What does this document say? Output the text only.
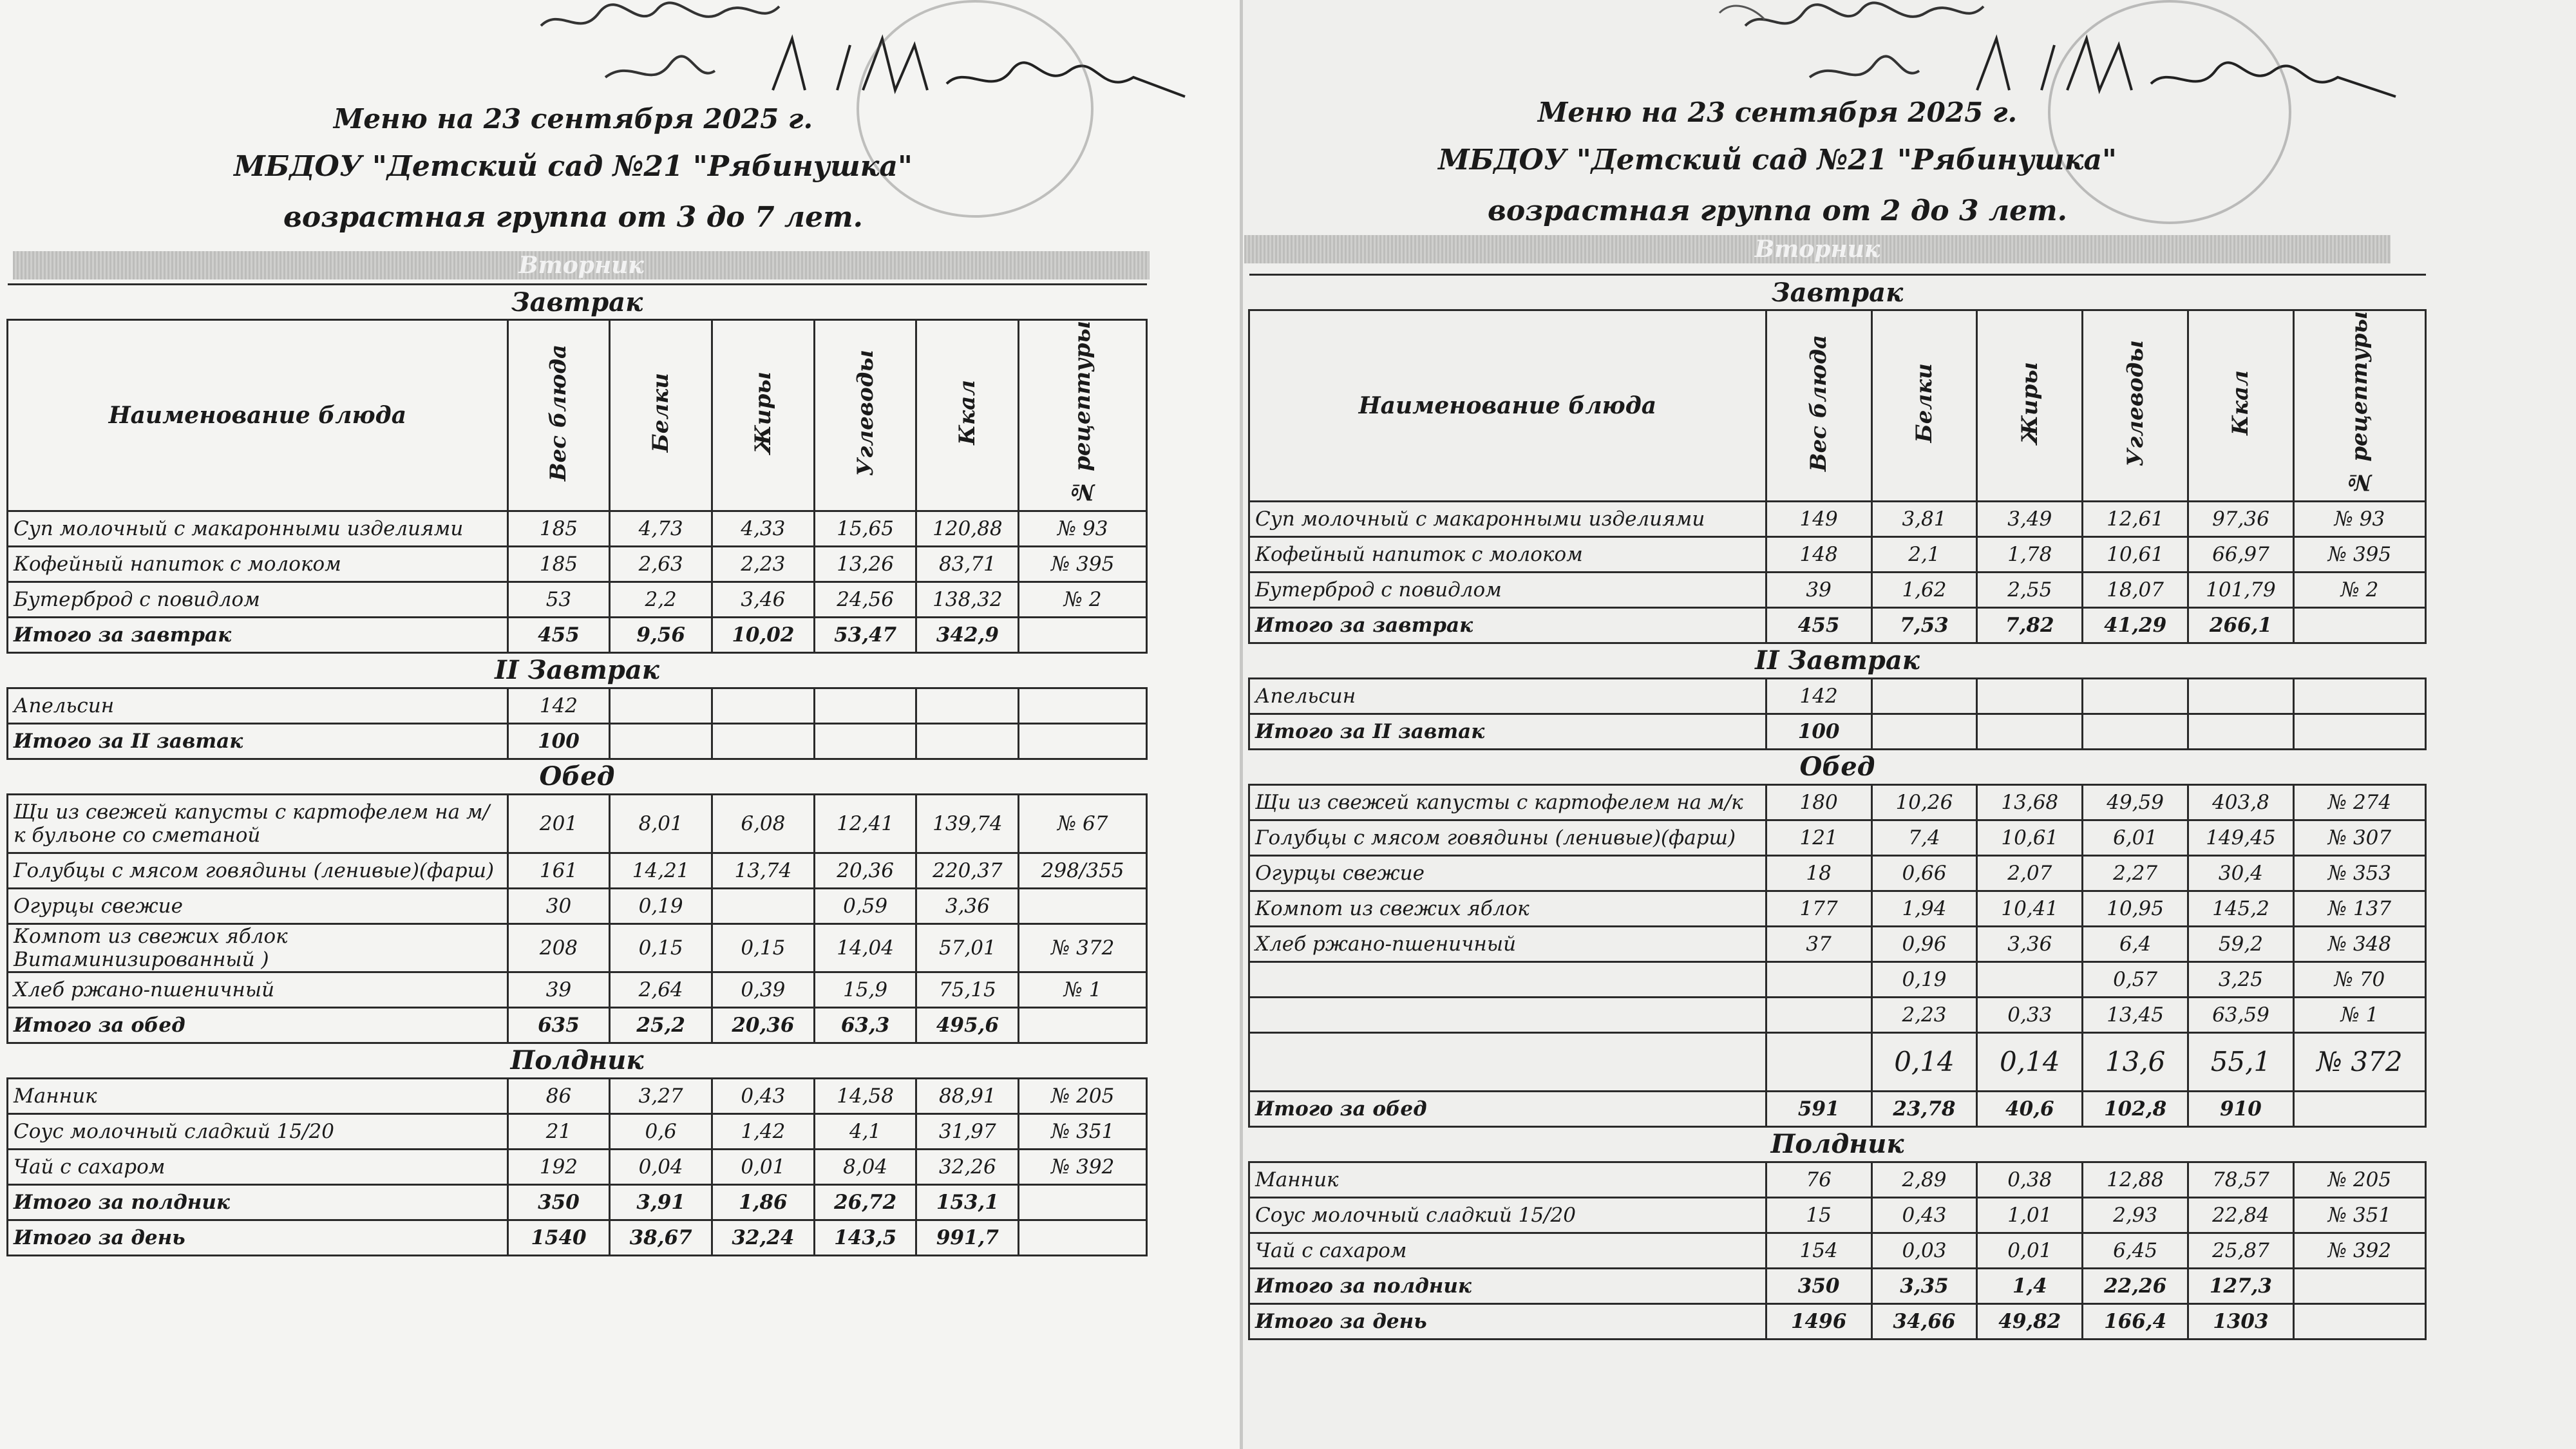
Меню на 23 сентября 2025 г.
МБДОУ "Детский сад №21 "Рябинушка"
возрастная группа от 3 до 7 лет.
Вторник
Завтрак						
Наименование блюда	Вес блюда	Белки	Жиры	Углеводы	Ккал	№ рецептуры
Суп молочный с макаронными изделиями	185	4,73	4,33	15,65	120,88	№ 93
Кофейный напиток с молоком	185	2,63	2,23	13,26	83,71	№ 395
Бутерброд с повидлом	53	2,2	3,46	24,56	138,32	№ 2
Итого за завтрак	455	9,56	10,02	53,47	342,9	
II Завтрак						
Апельсин	142					
Итого за II завтак	100					
Обед						
Щи из свежей капусты с картофелем на м/к бульоне со сметаной	201	8,01	6,08	12,41	139,74	№ 67
Голубцы с мясом говядины (ленивые)(фарш)	161	14,21	13,74	20,36	220,37	298/355
Огурцы свежие	30	0,19		0,59	3,36	
Компот из свежих яблок Витаминизированный )	208	0,15	0,15	14,04	57,01	№ 372
Хлеб ржано-пшеничный	39	2,64	0,39	15,9	75,15	№ 1
Итого за обед	635	25,2	20,36	63,3	495,6	
Полдник						
Манник	86	3,27	0,43	14,58	88,91	№ 205
Соус молочный сладкий 15/20	21	0,6	1,42	4,1	31,97	№ 351
Чай с сахаром	192	0,04	0,01	8,04	32,26	№ 392
Итого за полдник	350	3,91	1,86	26,72	153,1	
Итого за день	1540	38,67	32,24	143,5	991,7	
Меню на 23 сентября 2025 г.
МБДОУ "Детский сад №21 "Рябинушка"
возрастная группа от 2 до 3 лет.
Вторник
Завтрак						
Наименование блюда	Вес блюда	Белки	Жиры	Углеводы	Ккал	№ рецептуры
Суп молочный с макаронными изделиями	149	3,81	3,49	12,61	97,36	№ 93
Кофейный напиток с молоком	148	2,1	1,78	10,61	66,97	№ 395
Бутерброд с повидлом	39	1,62	2,55	18,07	101,79	№ 2
Итого за завтрак	455	7,53	7,82	41,29	266,1	
II Завтрак						
Апельсин	142					
Итого за II завтак	100					
Обед						
Щи из свежей капусты с картофелем на м/к	180	10,26	13,68	49,59	403,8	№ 274
Голубцы с мясом говядины (ленивые)(фарш)	121	7,4	10,61	6,01	149,45	№ 307
Огурцы свежие	18	0,66	2,07	2,27	30,4	№ 353
Компот из свежих яблок	177	1,94	10,41	10,95	145,2	№ 137
Хлеб ржано-пшеничный	37	0,96	3,36	6,4	59,2	№ 348
		0,19		0,57	3,25	№ 70
		2,23	0,33	13,45	63,59	№ 1
		0,14	0,14	13,6	55,1	№ 372
Итого за обед	591	23,78	40,6	102,8	910	
Полдник						
Манник	76	2,89	0,38	12,88	78,57	№ 205
Соус молочный сладкий 15/20	15	0,43	1,01	2,93	22,84	№ 351
Чай с сахаром	154	0,03	0,01	6,45	25,87	№ 392
Итого за полдник	350	3,35	1,4	22,26	127,3	
Итого за день	1496	34,66	49,82	166,4	1303	
